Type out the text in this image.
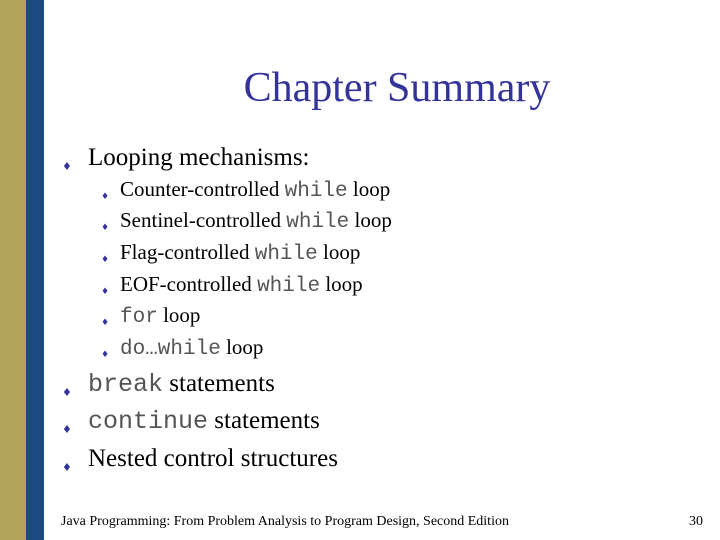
Chapter Summary
♦ Looping mechanisms:
♦ Counter-controlled while loop
♦ Sentinel-controlled while loop
♦ Flag-controlled while loop
♦ EOF-controlled while loop
♦ for loop
♦ do…while loop
♦ break statements
♦ continue statements
♦ Nested control structures
Java Programming: From Problem Analysis to Program Design, Second Edition	30
